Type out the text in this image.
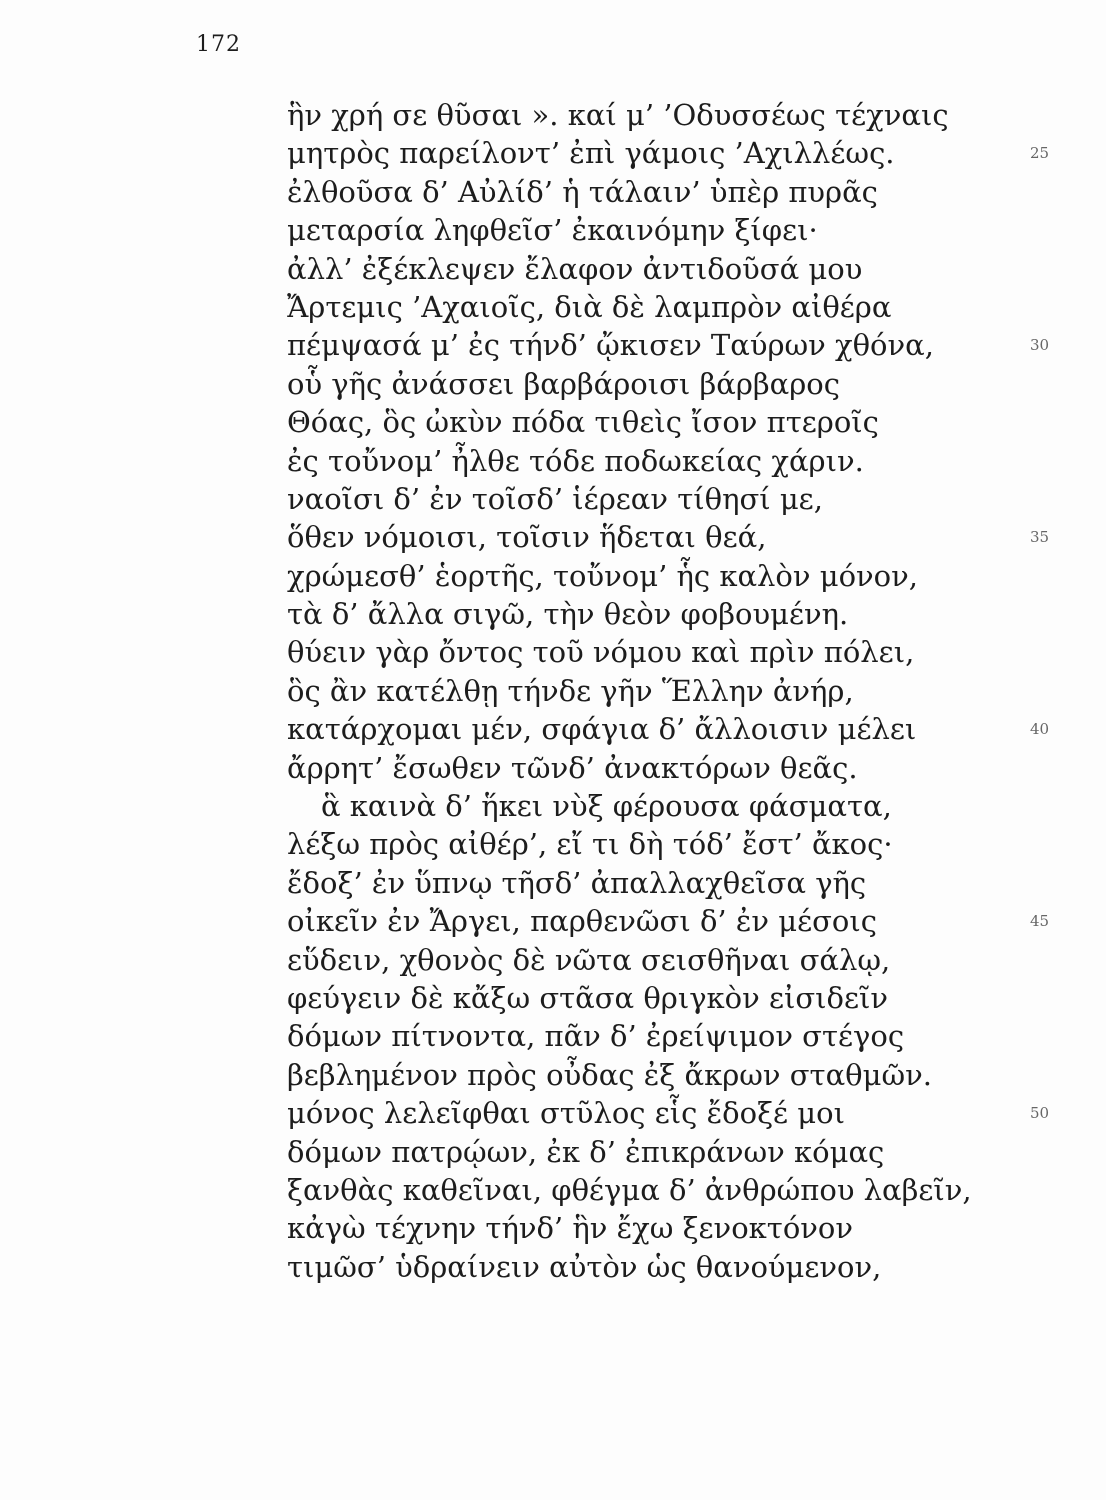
172
ἣν χρή σε θῦσαι ». καί μ’ ’Οδυσσέως τέχναις
μητρὸς παρείλοντ’ ἐπὶ γάμοις ’Αχιλλέως.	25
ἐλθοῦσα δ’ Αὐλίδ’ ἡ τάλαιν’ ὑπὲρ πυρᾶς
μεταρσία ληφθεῖσ’ ἐκαινόμην ξίφει·
ἀλλ’ ἐξέκλεψεν ἔλαφον ἀντιδοῦσά μου
Ἄρτεμις ’Αχαιοῖς, διὰ δὲ λαμπρὸν αἰθέρα
πέμψασά μ’ ἐς τήνδ’ ᾤκισεν Ταύρων χθόνα,	30
οὗ γῆς ἀνάσσει βαρβάροισι βάρβαρος
Θόας, ὃς ὠκὺν πόδα τιθεὶς ἴσον πτεροῖς
ἐς τοὔνομ’ ἦλθε τόδε ποδωκείας χάριν.
ναοῖσι δ’ ἐν τοῖσδ’ ἱέρεαν τίθησί με,
ὅθεν νόμοισι, τοῖσιν ἥδεται θεά,	35
χρώμεσθ’ ἑορτῆς, τοὔνομ’ ἧς καλὸν μόνον,
τὰ δ’ ἄλλα σιγῶ, τὴν θεὸν φοβουμένη.
θύειν γὰρ ὄντος τοῦ νόμου καὶ πρὶν πόλει,
ὃς ἂν κατέλθῃ τήνδε γῆν Ἕλλην ἀνήρ,
κατάρχομαι μέν, σφάγια δ’ ἄλλοισιν μέλει	40
ἄρρητ’ ἔσωθεν τῶνδ’ ἀνακτόρων θεᾶς.
ἃ καινὰ δ’ ἥκει νὺξ φέρουσα φάσματα,
λέξω πρὸς αἰθέρ’, εἴ τι δὴ τόδ’ ἔστ’ ἄκος·
ἔδοξ’ ἐν ὕπνῳ τῆσδ’ ἀπαλλαχθεῖσα γῆς
οἰκεῖν ἐν Ἄργει, παρθενῶσι δ’ ἐν μέσοις	45
εὕδειν, χθονὸς δὲ νῶτα σεισθῆναι σάλῳ,
φεύγειν δὲ κἄξω στᾶσα θριγκὸν εἰσιδεῖν
δόμων πίτνοντα, πᾶν δ’ ἐρείψιμον στέγος
βεβλημένον πρὸς οὖδας ἐξ ἄκρων σταθμῶν.
μόνος λελεῖφθαι στῦλος εἷς ἔδοξέ μοι	50
δόμων πατρῴων, ἐκ δ’ ἐπικράνων κόμας
ξανθὰς καθεῖναι, φθέγμα δ’ ἀνθρώπου λαβεῖν,
κἀγὼ τέχνην τήνδ’ ἣν ἔχω ξενοκτόνον
τιμῶσ’ ὑδραίνειν αὐτὸν ὡς θανούμενον,
